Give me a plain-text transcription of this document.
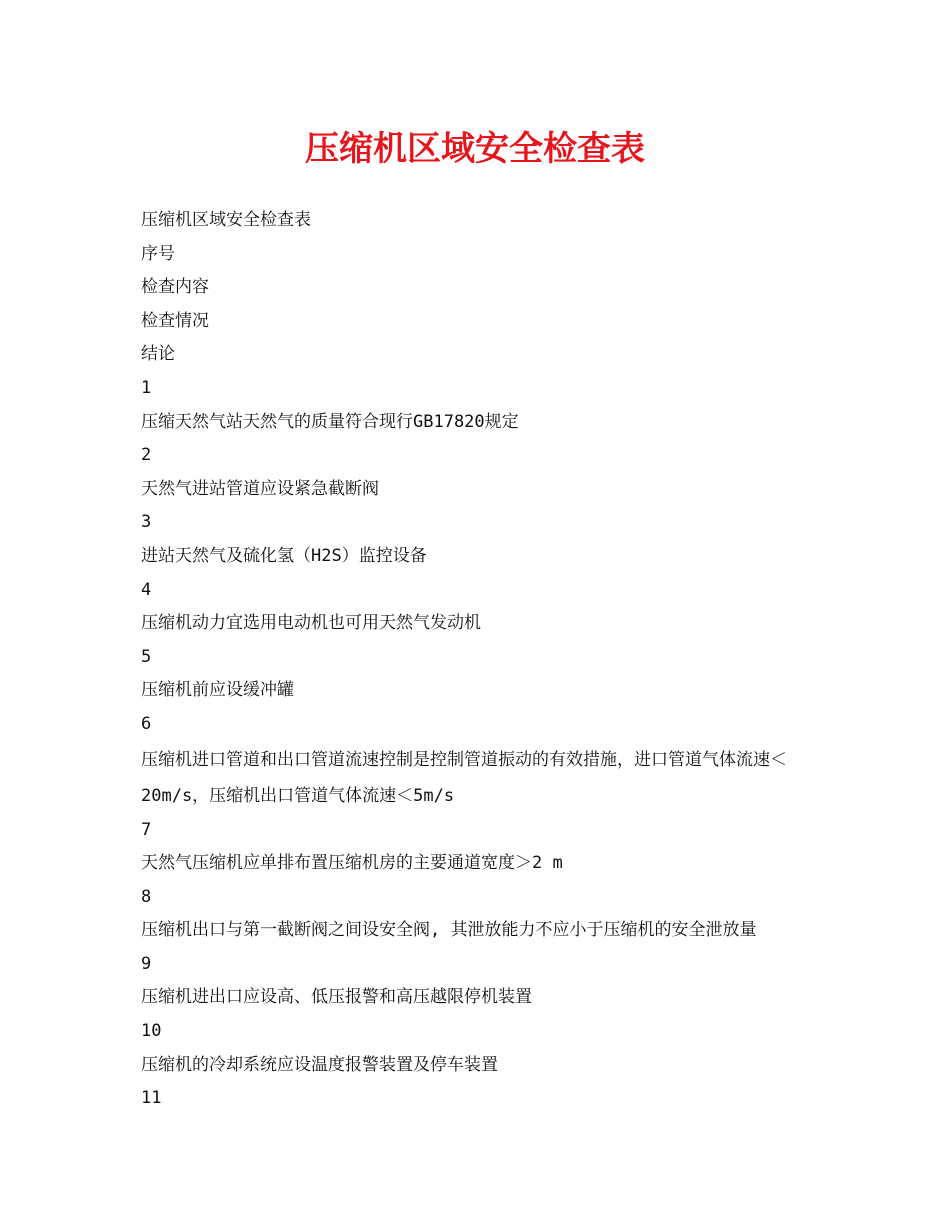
压缩机区域安全检查表

压缩机区域安全检查表

序号

检查内容

检查情况

结论

1

压缩天然气站天然气的质量符合现行GB17820规定

2

天然气进站管道应设紧急截断阀

3

进站天然气及硫化氢（H2S）监控设备

4

压缩机动力宜选用电动机也可用天然气发动机

5

压缩机前应设缓冲罐

6

压缩机进口管道和出口管道流速控制是控制管道振动的有效措施，进口管道气体流速＜20m/s，压缩机出口管道气体流速＜5m/s

7

天然气压缩机应单排布置压缩机房的主要通道宽度＞2 m

8

压缩机出口与第一截断阀之间设安全阀, 其泄放能力不应小于压缩机的安全泄放量

9

压缩机进出口应设高、低压报警和高压越限停机装置

10

压缩机的冷却系统应设温度报警装置及停车装置

11
